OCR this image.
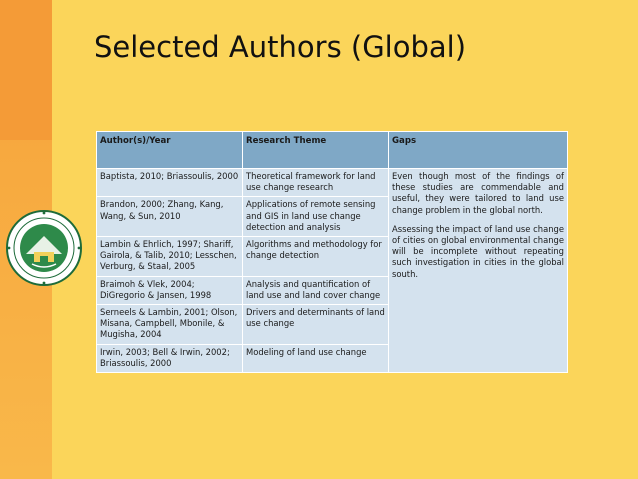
Selected Authors (Global)
Author(s)/Year	Research Theme	Gaps
Baptista, 2010; Briassoulis, 2000	Theoretical framework for land use change research	Even though most of the findings of these studies are commendable and useful, they were tailored to land use change problem in the global north.

Assessing the impact of land use change of cities on global environmental change will be incomplete without repeating such investigation in cities in the global south.

Brandon, 2000; Zhang, Kang, Wang, & Sun, 2010	Applications of remote sensing and GIS in land use change detection and analysis	
Lambin & Ehrlich, 1997; Shariff, Gairola, & Talib, 2010; Lesschen, Verburg, & Staal, 2005	Algorithms and methodology for change detection	
Braimoh & Vlek, 2004; DiGregorio & Jansen, 1998	Analysis and quantification of land use and land cover change	
Serneels & Lambin, 2001; Olson, Misana, Campbell, Mbonile, & Mugisha, 2004	Drivers and determinants of land use change	
Irwin, 2003; Bell & Irwin, 2002; Briassoulis, 2000	Modeling of land use change	
